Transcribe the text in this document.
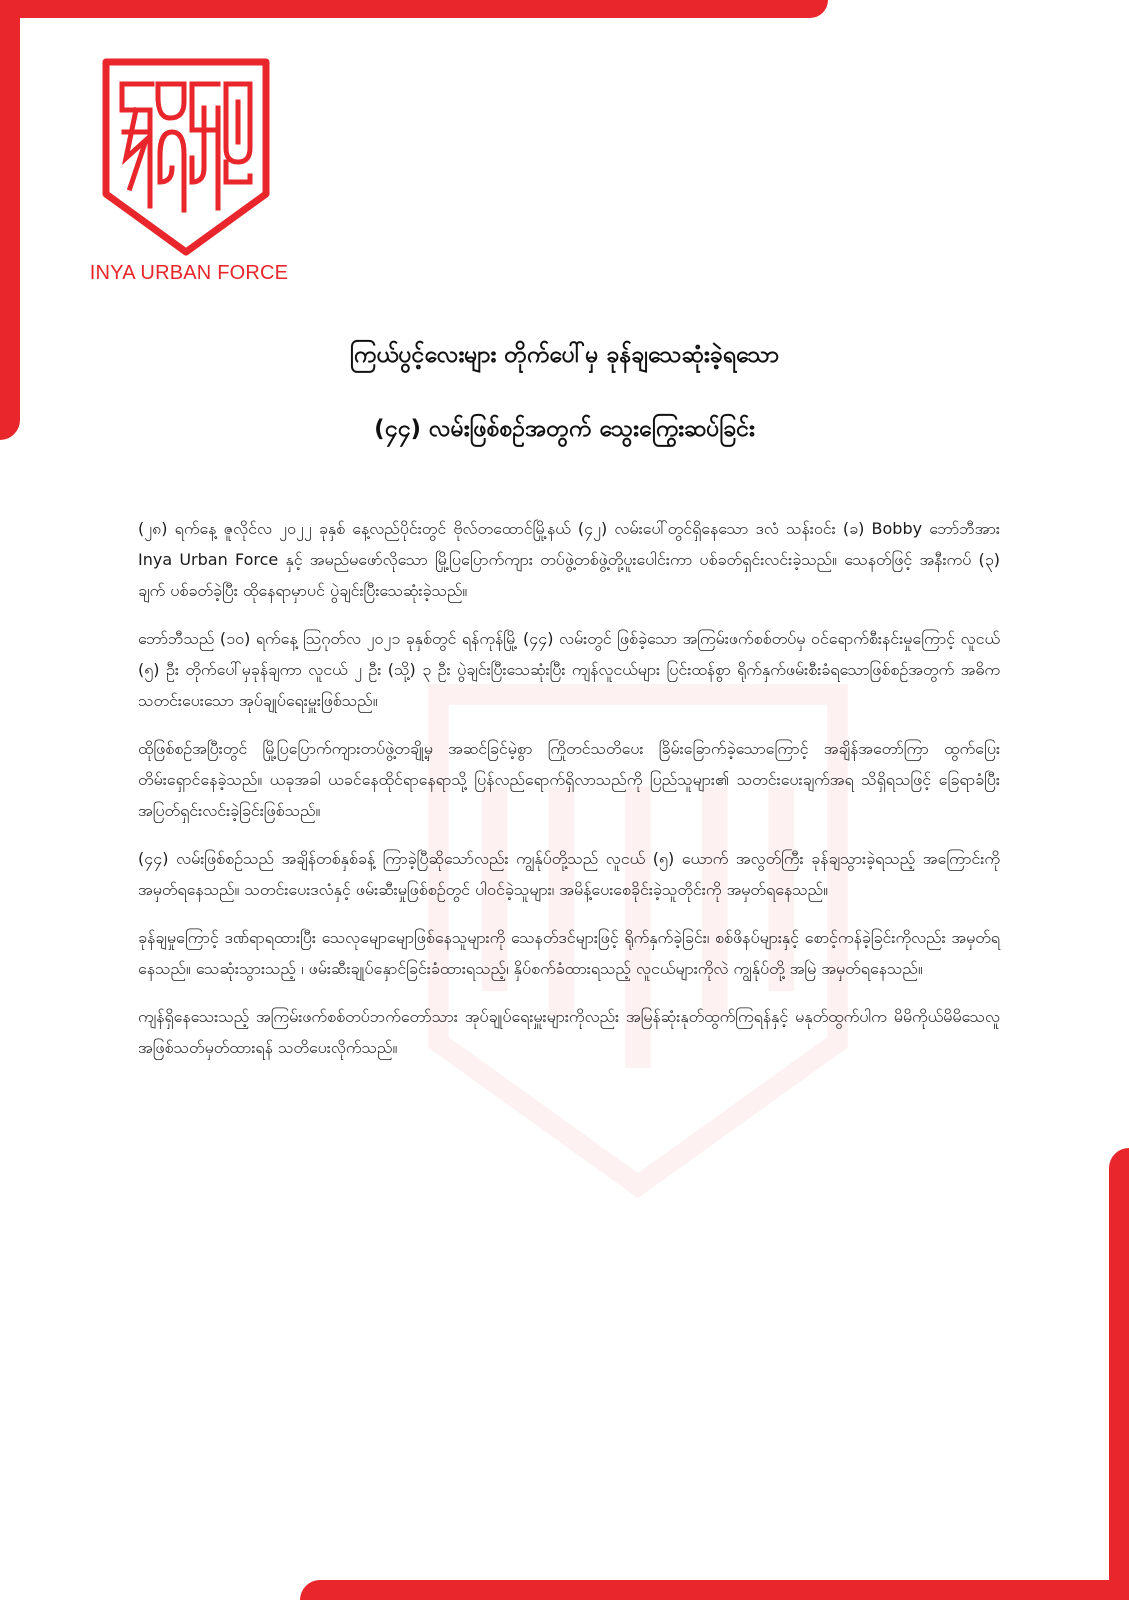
INYA URBAN FORCE
ကြယ်ပွင့်လေးများ တိုက်ပေါ်မှ ခုန်ချသေဆုံးခဲ့ရသော
(၄၄) လမ်းဖြစ်စဉ်အတွက် သွေးကြွေးဆပ်ခြင်း

(၂၈) ရက်နေ့ ဇူလိုင်လ ၂၀၂၂ ခုနှစ် နေ့လည်ပိုင်းတွင် ဗိုလ်တထောင်မြို့နယ် (၄၂) လမ်းပေါ်တွင်ရှိနေသော ဒလံ သန်းဝင်း (ခ) Bobby ဘော်ဘီအား Inya Urban Force နှင့် အမည်မဖော်လိုသော မြို့ပြပြောက်ကျား တပ်ဖွဲ့တစ်ဖွဲ့တို့ပူးပေါင်းကာ ပစ်ခတ်ရှင်းလင်းခဲ့သည်။ သေနတ်ဖြင့် အနီးကပ် (၃) ချက် ပစ်ခတ်ခဲ့ပြီး ထိုနေရာမှာပင် ပွဲချင်းပြီးသေဆုံးခဲ့သည်။

ဘော်ဘီသည် (၁၀) ရက်နေ့ ဩဂုတ်လ ၂၀၂၁ ခုနှစ်တွင် ရန်ကုန်မြို့ (၄၄) လမ်းတွင် ဖြစ်ခဲ့သော အကြမ်းဖက်စစ်တပ်မှ ဝင်ရောက်စီးနင်းမှုကြောင့် လူငယ် (၅) ဦး တိုက်ပေါ်မှခုန်ချကာ လူငယ် ၂ ဦး (သို့) ၃ ဦး ပွဲချင်းပြီးသေဆုံးပြီး ကျန်လူငယ်များ ပြင်းထန်စွာ ရိုက်နှက်ဖမ်းစီးခံရသောဖြစ်စဉ်အတွက် အဓိကသတင်းပေးသော အုပ်ချုပ်ရေးမှူးဖြစ်သည်။

ထိုဖြစ်စဉ်အပြီးတွင် မြို့ပြပြောက်ကျားတပ်ဖွဲ့တချို့မှ အဆင်ခြင်မဲ့စွာ ကြိုတင်သတိပေး ခြိမ်းခြောက်ခဲ့သောကြောင့် အချိန်အတော်ကြာ ထွက်ပြေးတိမ်းရှောင်နေခဲ့သည်။ ယခုအခါ ယခင်နေထိုင်ရာနေရာသို့ ပြန်လည်ရောက်ရှိလာသည်ကို ပြည်သူများ၏ သတင်းပေးချက်အရ သိရှိရသဖြင့် ခြေရာခံပြီး အပြတ်ရှင်းလင်းခဲ့ခြင်းဖြစ်သည်။

(၄၄) လမ်းဖြစ်စဉ်သည် အချိန်တစ်နှစ်ခန့် ကြာခဲ့ပြီဆိုသော်လည်း ကျွန်ုပ်တို့သည် လူငယ် (၅) ယောက် အလွတ်ကြီး ခုန်ချသွားခဲ့ရသည့် အကြောင်းကို အမှတ်ရနေသည်။ သတင်းပေးဒလံနှင့် ဖမ်းဆီးမှုဖြစ်စဉ်တွင် ပါဝင်ခဲ့သူများ၊ အမိန့်ပေးစေခိုင်းခဲ့သူတိုင်းကို အမှတ်ရနေသည်။

ခုန်ချမှုကြောင့် ဒဏ်ရာရထားပြီး သေလုမျောမျောဖြစ်နေသူများကို သေနတ်ဒင်များဖြင့် ရိုက်နှက်ခဲ့ခြင်း၊ စစ်ဖိနပ်များနှင့် စောင့်ကန်ခဲ့ခြင်းကိုလည်း အမှတ်ရနေသည်။ သေဆုံးသွားသည့် ၊ ဖမ်းဆီးချုပ်နှောင်ခြင်းခံထားရသည့်၊ နှိပ်စက်ခံထားရသည့် လူငယ်များကိုလဲ ကျွန်ုပ်တို့ အမြဲ အမှတ်ရနေသည်။

ကျန်ရှိနေသေးသည့် အကြမ်းဖက်စစ်တပ်ဘက်တော်သား အုပ်ချုပ်ရေးမှူးများကိုလည်း အမြန်ဆုံးနုတ်ထွက်ကြရန်နှင့် မနုတ်ထွက်ပါက မိမိကိုယ်မိမိသေလူ အဖြစ်သတ်မှတ်ထားရန် သတိပေးလိုက်သည်။
